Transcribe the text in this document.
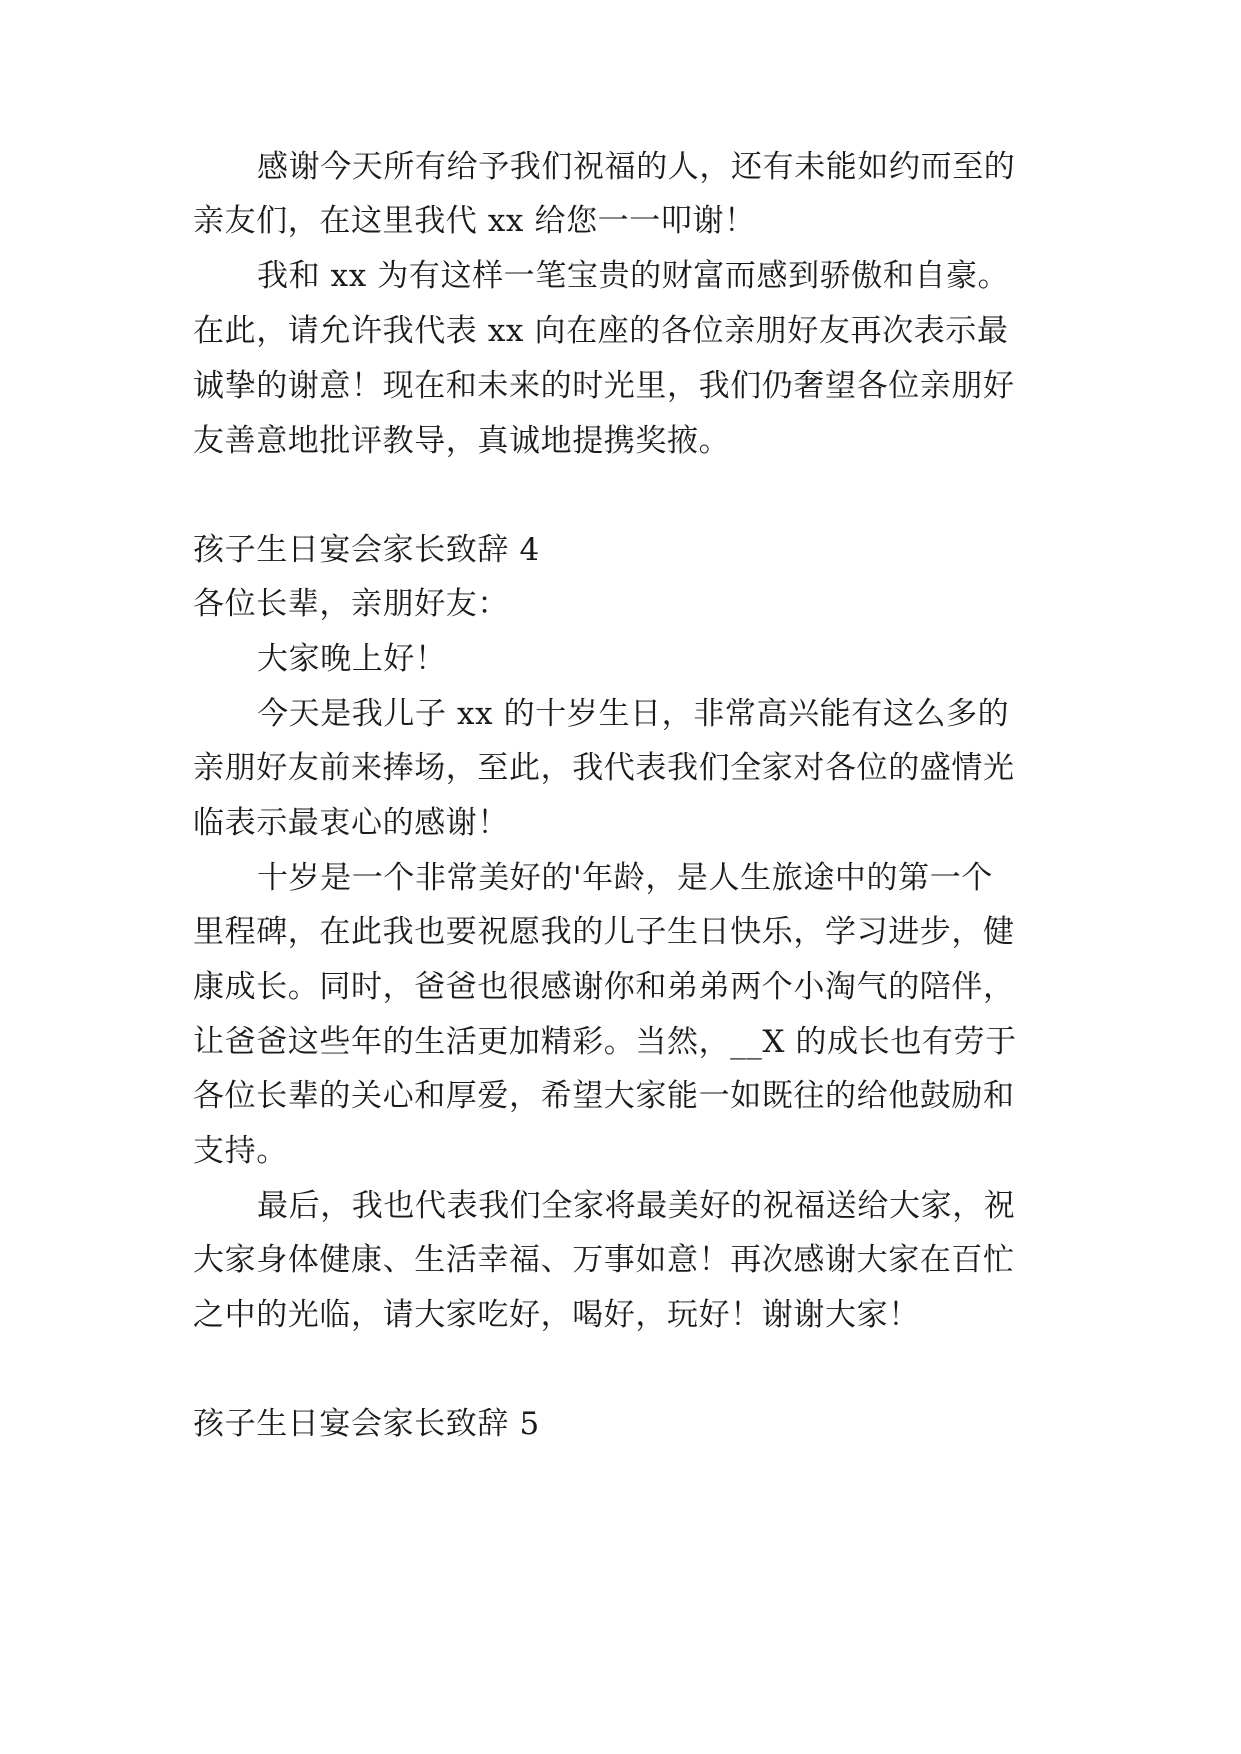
感谢今天所有给予我们祝福的人，还有未能如约而至的
亲友们，在这里我代 xx 给您一一叩谢！
我和 xx 为有这样一笔宝贵的财富而感到骄傲和自豪。
在此，请允许我代表 xx 向在座的各位亲朋好友再次表示最
诚挚的谢意！现在和未来的时光里，我们仍奢望各位亲朋好
友善意地批评教导，真诚地提携奖掖。
孩子生日宴会家长致辞 4
各位长辈，亲朋好友：
大家晚上好！
今天是我儿子 xx 的十岁生日，非常高兴能有这么多的
亲朋好友前来捧场，至此，我代表我们全家对各位的盛情光
临表示最衷心的感谢！
十岁是一个非常美好的'年龄，是人生旅途中的第一个
里程碑，在此我也要祝愿我的儿子生日快乐，学习进步，健
康成长。同时，爸爸也很感谢你和弟弟两个小淘气的陪伴，
让爸爸这些年的生活更加精彩。当然，__X 的成长也有劳于
各位长辈的关心和厚爱，希望大家能一如既往的给他鼓励和
支持。
最后，我也代表我们全家将最美好的祝福送给大家，祝
大家身体健康、生活幸福、万事如意！再次感谢大家在百忙
之中的光临，请大家吃好，喝好，玩好！谢谢大家！
孩子生日宴会家长致辞 5
